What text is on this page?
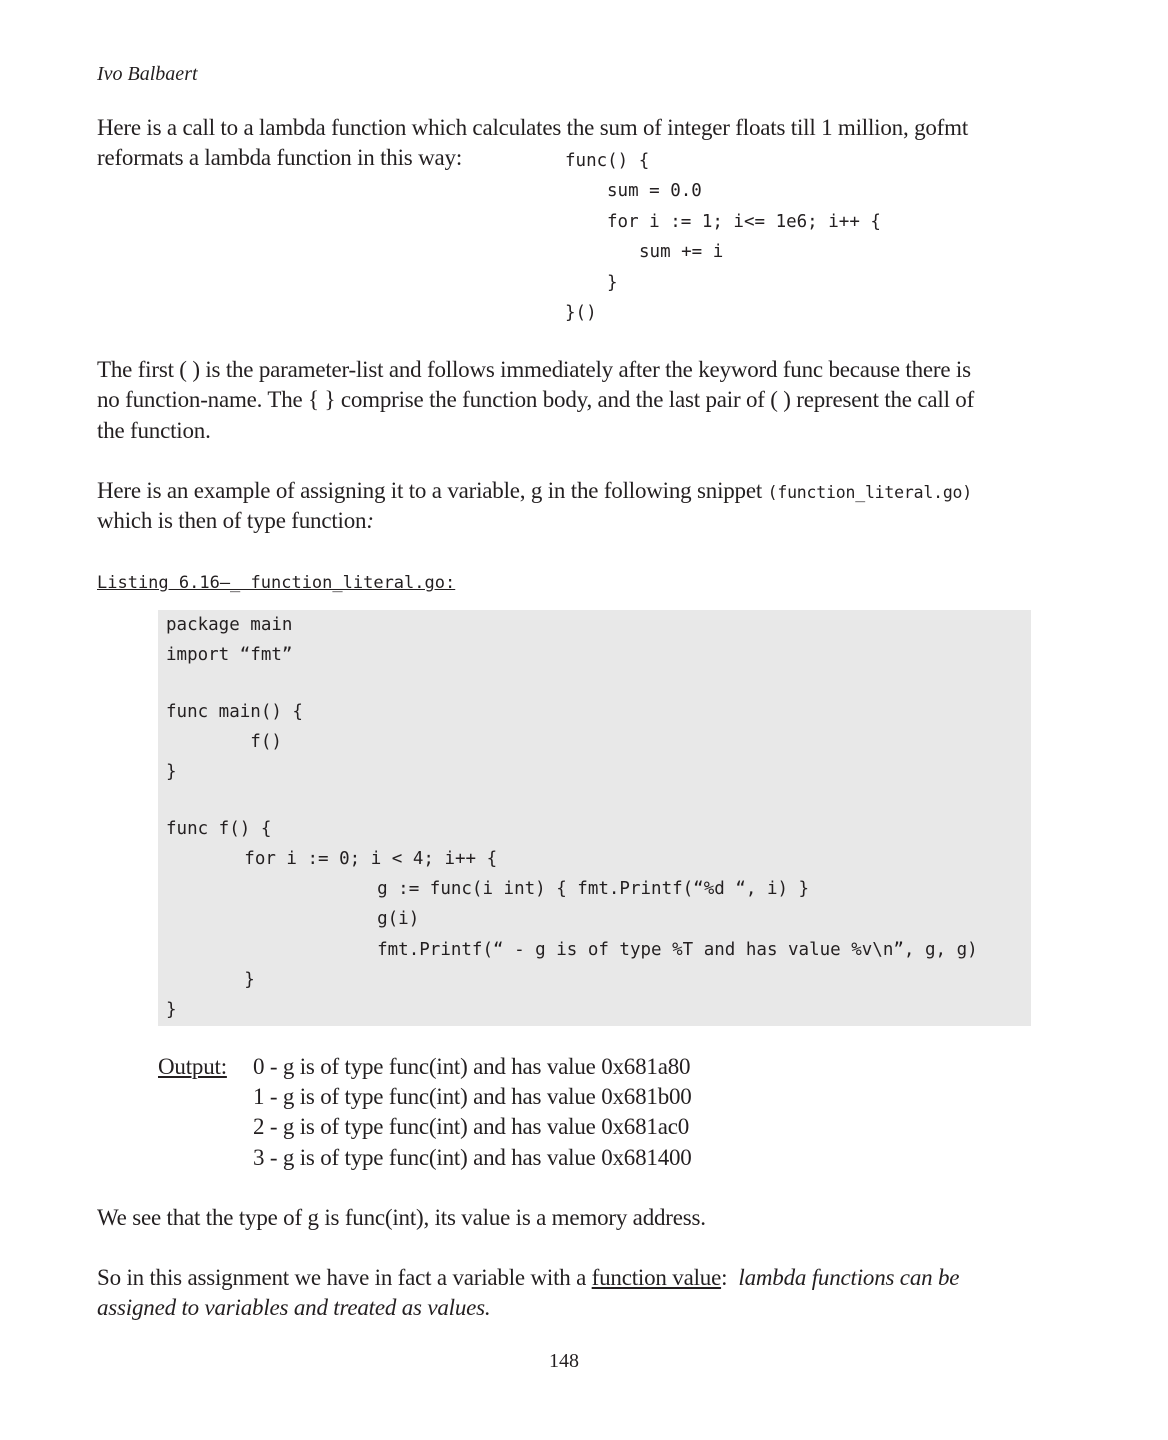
Ivo Balbaert
Here is a call to a lambda function which calculates the sum of integer floats till 1 million, gofmt
reformats a lambda function in this way:	func() {
sum = 0.0
for i := 1; i<= 1e6; i++ {
sum += i
}
}()
The first ( ) is the parameter-list and follows immediately after the keyword func because there is
no function-name. The { } comprise the function body, and the last pair of ( ) represent the call of
the function.
Here is an example of assigning it to a variable, g in the following snippet (function_literal.go)
which is then of type function:
Listing 6.16–_ function_literal.go:
package main
import “fmt”
func main() {
f()
}
func f() {
for i := 0; i < 4; i++ {
g := func(i int) { fmt.Printf(“%d “, i) }
g(i)
fmt.Printf(“ - g is of type %T and has value %v\n”, g, g)
}
}
Output: 0 - g is of type func(int) and has value 0x681a80
1 - g is of type func(int) and has value 0x681b00
2 - g is of type func(int) and has value 0x681ac0
3 - g is of type func(int) and has value 0x681400
We see that the type of g is func(int), its value is a memory address.
So in this assignment we have in fact a variable with a function value:  lambda functions can be
assigned to variables and treated as values.
148
